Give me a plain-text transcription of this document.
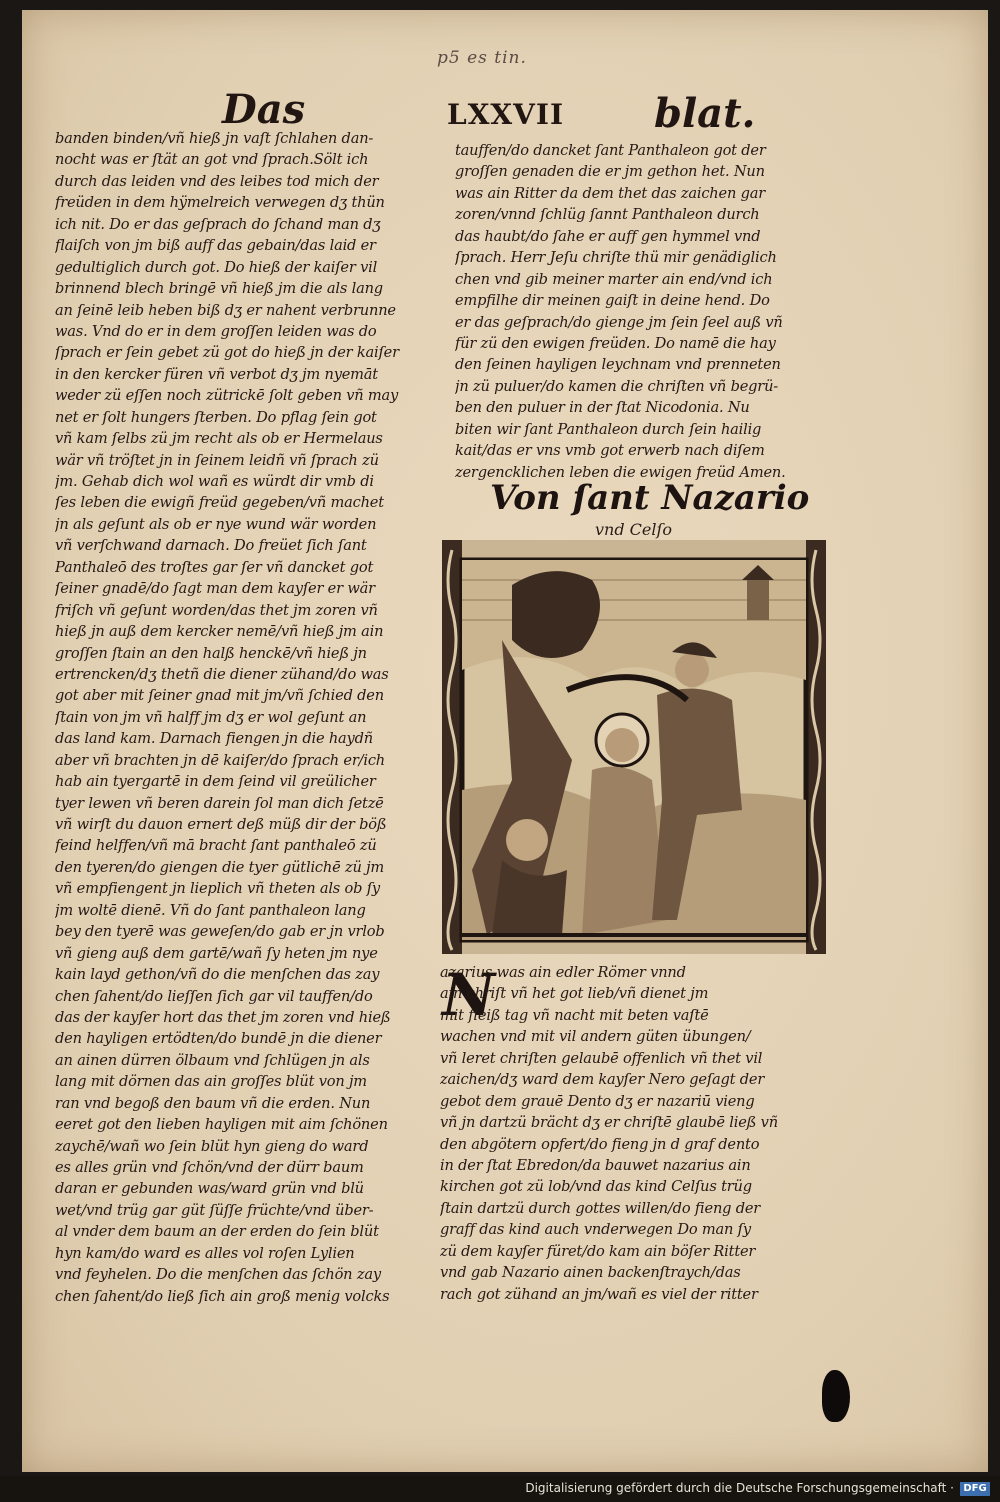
p5 es tin.
Das	LXXVII blat.
banden binden/vñ hieß jn vaſt ſchlahen dan‑
nocht was er ſtät an got vnd ſprach.Sölt ich
durch das leiden vnd des leibes tod mich der
freüden in dem hÿmelreich verwegen dʒ thün
ich nit. Do er das geſprach do ſchand man dʒ
flaiſch von jm biß auff das gebain/das laid er
gedultiglich durch got. Do hieß der kaiſer vil
brinnend blech bringē vñ hieß jm die als lang
an ſeinē leib heben biß dʒ er nahent verbrunne
was. Vnd do er in dem groſſen leiden was do
ſprach er ſein gebet zü got do hieß jn der kaiſer
in den kercker füren vñ verbot dʒ jm nyemāt
weder zü eſſen noch zütrickē ſolt geben vñ may
net er ſolt hungers ſterben. Do pflag ſein got
vñ kam ſelbs zü jm recht als ob er Hermelaus
wär vñ tröſtet jn in ſeinem leidñ vñ ſprach zü
jm. Gehab dich wol wañ es würdt dir vmb di
ſes leben die ewigñ freüd gegeben/vñ machet
jn als geſunt als ob er nye wund wär worden
vñ verſchwand darnach. Do freüet ſich ſant
Panthaleō des troſtes gar ſer vñ dancket got
ſeiner gnadē/do ſagt man dem kayſer er wär
friſch vñ geſunt worden/das thet jm zoren vñ
hieß jn auß dem kercker nemē/vñ hieß jm ain
groſſen ſtain an den halß henckē/vñ hieß jn
ertrencken/dʒ thetñ die diener zühand/do was
got aber mit ſeiner gnad mit jm/vñ ſchied den
ſtain von jm vñ halff jm dʒ er wol geſunt an
das land kam. Darnach fiengen jn die haydñ
aber vñ brachten jn dē kaiſer/do ſprach er/ich
hab ain tyergartē in dem ſeind vil greülicher
tyer lewen vñ beren darein ſol man dich ſetzē
vñ wirſt du dauon ernert deß müß dir der böß
feind helffen/vñ mā bracht ſant panthaleō zü
den tyeren/do giengen die tyer gütlichē zü jm
vñ empfiengent jn lieplich vñ theten als ob ſy
jm woltē dienē. Vñ do ſant panthaleon lang
bey den tyerē was geweſen/do gab er jn vrlob
vñ gieng auß dem gartē/wañ ſy heten jm nye
kain layd gethon/vñ do die menſchen das zay
chen ſahent/do lieſſen ſich gar vil tauffen/do
das der kayſer hort das thet jm zoren vnd hieß
den hayligen ertödten/do bundē jn die diener
an ainen dürren ölbaum vnd ſchlügen jn als
lang mit dörnen das ain groſſes blüt von jm
ran vnd begoß den baum vñ die erden. Nun
eeret got den lieben hayligen mit aim ſchönen
zaychē/wañ wo ſein blüt hyn gieng do ward
es alles grün vnd ſchön/vnd der dürr baum
daran er gebunden was/ward grün vnd blü
wet/vnd trüg gar güt ſüſſe früchte/vnd über‑
al vnder dem baum an der erden do ſein blüt
hyn kam/do ward es alles vol roſen Lylien
vnd feyhelen. Do die menſchen das ſchön zay
chen ſahent/do ließ ſich ain groß menig volcks
tauffen/do dancket ſant Panthaleon got der
groſſen genaden die er jm gethon het. Nun
was ain Ritter da dem thet das zaichen gar
zoren/vnnd ſchlüg ſannt Panthaleon durch
das haubt/do ſahe er auff gen hymmel vnd
ſprach. Herr Jeſu chriſte thü mir genädiglich
chen vnd gib meiner marter ain end/vnd ich
empfilhe dir meinen gaiſt in deine hend. Do
er das geſprach/do gienge jm ſein ſeel auß vñ
für zü den ewigen freüden. Do namē die hay
den ſeinen hayligen leychnam vnd prenneten
jn zü puluer/do kamen die chriſten vñ begrü‑
ben den puluer in der ſtat Nicodonia. Nu
biten wir ſant Panthaleon durch ſein hailig
kait/das er vns vmb got erwerb nach diſem
zergencklichen leben die ewigen freüd Amen.
Von ſant Nazario
vnd Celſo
N
azarius was ain edler Römer vnnd
ain chriſt vñ het got lieb/vñ dienet jm
mit fleiß tag vñ nacht mit beten vaſtē
wachen vnd mit vil andern güten übungen/
vñ leret chriſten gelaubē offenlich vñ thet vil
zaichen/dʒ ward dem kayſer Nero geſagt der
gebot dem grauē Dento dʒ er nazariū vieng
vñ jn dartzü brächt dʒ er chriſtē glaubē ließ vñ
den abgötern opfert/do fieng jn d graf dento
in der ſtat Ebredon/da bauwet nazarius ain
kirchen got zü lob/vnd das kind Celſus trüg
ſtain dartzü durch gottes willen/do fieng der
graff das kind auch vnderwegen Do man ſy
zü dem kayſer füret/do kam ain böſer Ritter
vnd gab Nazario ainen backenſtraych/das
rach got zühand an jm/wañ es viel der ritter
Digitalisierung gefördert durch die Deutsche Forschungsgemeinschaft · DFG
